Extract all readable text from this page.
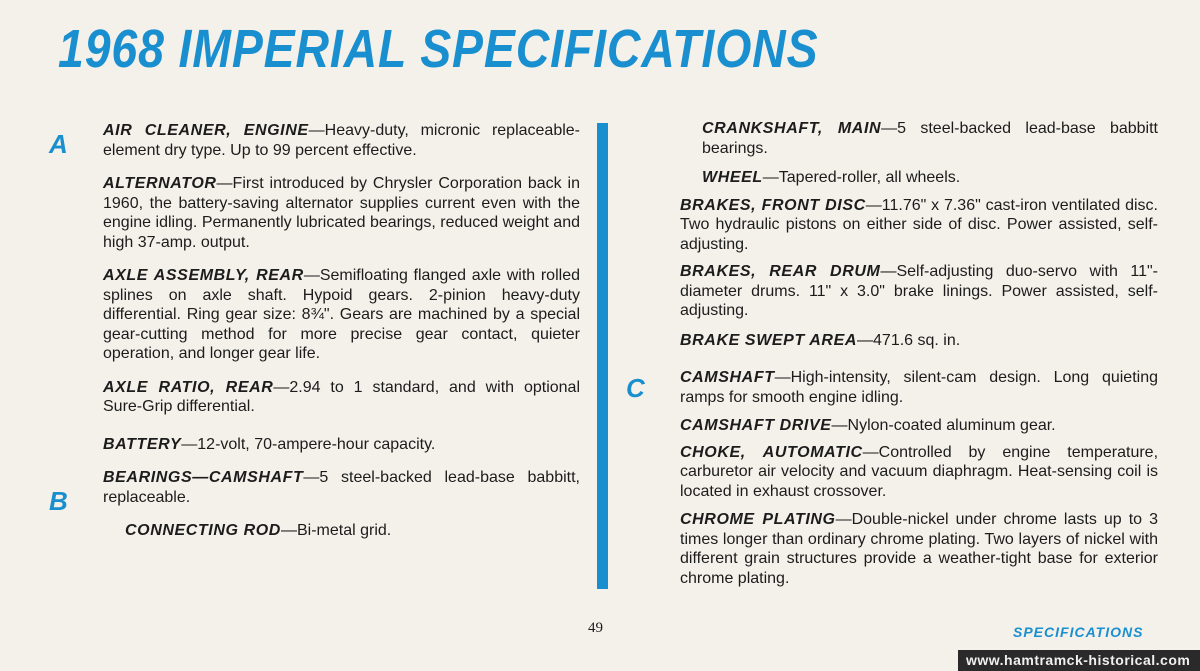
1968 IMPERIAL SPECIFICATIONS
A
B
C
AIR CLEANER, ENGINE—Heavy-duty, micronic replaceable-element dry type. Up to 99 percent effective.
ALTERNATOR—First introduced by Chrysler Corporation back in 1960, the battery-saving alternator supplies current even with the engine idling. Permanently lubricated bearings, reduced weight and high 37-amp. output.
AXLE ASSEMBLY, REAR—Semifloating flanged axle with rolled splines on axle shaft. Hypoid gears. 2-pinion heavy-duty differential. Ring gear size: 8¾". Gears are machined by a special gear-cutting method for more precise gear contact, quieter operation, and longer gear life.
AXLE RATIO, REAR—2.94 to 1 standard, and with optional Sure-Grip differential.
BATTERY—12-volt, 70-ampere-hour capacity.
BEARINGS—CAMSHAFT—5 steel-backed lead-base babbitt, replaceable.
CONNECTING ROD—Bi-metal grid.
CRANKSHAFT, MAIN—5 steel-backed lead-base babbitt bearings.
WHEEL—Tapered-roller, all wheels.
BRAKES, FRONT DISC—11.76" x 7.36" cast-iron ventilated disc. Two hydraulic pistons on either side of disc. Power assisted, self-adjusting.
BRAKES, REAR DRUM—Self-adjusting duo-servo with 11"-diameter drums. 11" x 3.0" brake linings. Power assisted, self-adjusting.
BRAKE SWEPT AREA—471.6 sq. in.
CAMSHAFT—High-intensity, silent-cam design. Long quieting ramps for smooth engine idling.
CAMSHAFT DRIVE—Nylon-coated aluminum gear.
CHOKE, AUTOMATIC—Controlled by engine temperature, carburetor air velocity and vacuum diaphragm. Heat-sensing coil is located in exhaust crossover.
CHROME PLATING—Double-nickel under chrome lasts up to 3 times longer than ordinary chrome plating. Two layers of nickel with different grain structures provide a weather-tight base for exterior chrome plating.
49	SPECIFICATIONS
www.hamtramck-historical.com
